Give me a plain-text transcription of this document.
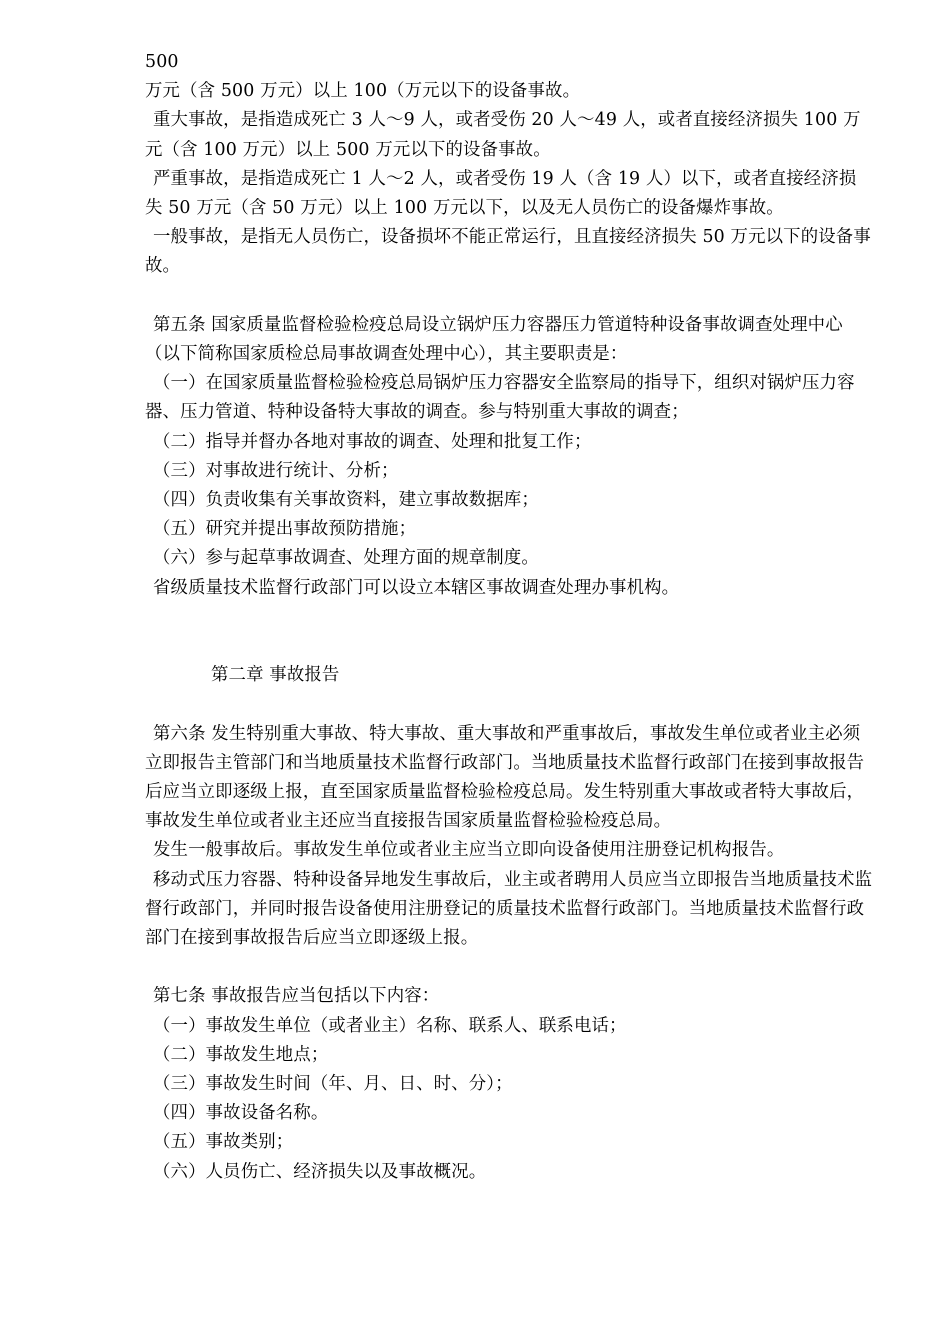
500
万元（含 500 万元）以上 100（万元以下的设备事故。

重大事故，是指造成死亡 3 人～9 人，或者受伤 20 人～49 人，或者直接经济损失 100 万元（含 100 万元）以上 500 万元以下的设备事故。

严重事故，是指造成死亡 1 人～2 人，或者受伤 19 人（含 19 人）以下，或者直接经济损失 50 万元（含 50 万元）以上 100 万元以下，以及无人员伤亡的设备爆炸事故。

一般事故，是指无人员伤亡，设备损坏不能正常运行，且直接经济损失 50 万元以下的设备事故。

第五条 国家质量监督检验检疫总局设立锅炉压力容器压力管道特种设备事故调查处理中心（以下简称国家质检总局事故调查处理中心），其主要职责是：

（一）在国家质量监督检验检疫总局锅炉压力容器安全监察局的指导下，组织对锅炉压力容器、压力管道、特种设备特大事故的调查。参与特别重大事故的调查；

（二）指导并督办各地对事故的调查、处理和批复工作；

（三）对事故进行统计、分析；

（四）负责收集有关事故资料，建立事故数据库；

（五）研究并提出事故预防措施；

（六）参与起草事故调查、处理方面的规章制度。

省级质量技术监督行政部门可以设立本辖区事故调查处理办事机构。

第二章 事故报告

第六条 发生特别重大事故、特大事故、重大事故和严重事故后，事故发生单位或者业主必须立即报告主管部门和当地质量技术监督行政部门。当地质量技术监督行政部门在接到事故报告后应当立即逐级上报，直至国家质量监督检验检疫总局。发生特别重大事故或者特大事故后，事故发生单位或者业主还应当直接报告国家质量监督检验检疫总局。

发生一般事故后。事故发生单位或者业主应当立即向设备使用注册登记机构报告。

移动式压力容器、特种设备异地发生事故后，业主或者聘用人员应当立即报告当地质量技术监督行政部门，并同时报告设备使用注册登记的质量技术监督行政部门。当地质量技术监督行政部门在接到事故报告后应当立即逐级上报。

第七条 事故报告应当包括以下内容：

（一）事故发生单位（或者业主）名称、联系人、联系电话；

（二）事故发生地点；

（三）事故发生时间（年、月、日、时、分）；

（四）事故设备名称。

（五）事故类别；

（六）人员伤亡、经济损失以及事故概况。
